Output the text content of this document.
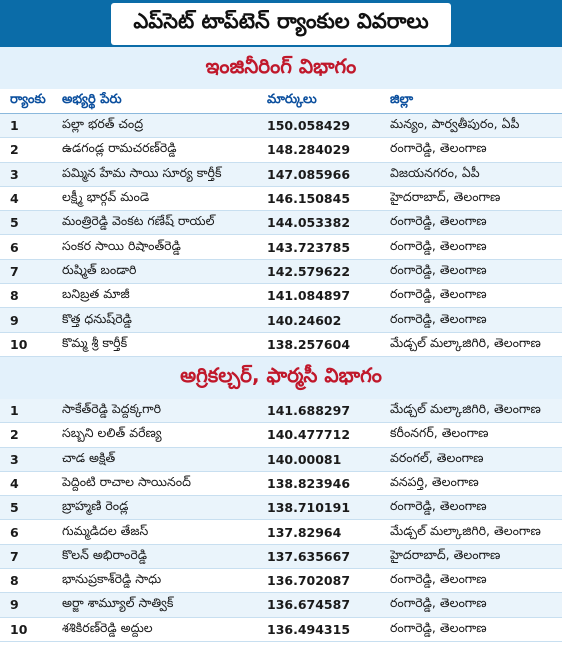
ఎప్‌సెట్ టాప్‌టెన్ ర్యాంకుల వివరాలు
ఇంజినీరింగ్ విభాగం
ర్యాంకు	అభ్యర్థి పేరు	మార్కులు	జిల్లా
1	పల్లా భరత్ చంద్ర	150.058429	మన్యం, పార్వతీపురం, ఏపీ
2	ఉడగండ్ల రామచరణ్‌రెడ్డి	148.284029	రంగారెడ్డి, తెలంగాణ
3	పమ్మిన హేమ సాయి సూర్య కార్తీక్	147.085966	విజయనగరం, ఏపీ
4	లక్ష్మీ భార్గవ్ మండె	146.150845	హైదరాబాద్, తెలంగాణ
5	మంత్రిరెడ్డి వెంకట గణేష్ రాయల్	144.053382	రంగారెడ్డి, తెలంగాణ
6	సంకర సాయి రిషాంత్‌రెడ్డి	143.723785	రంగారెడ్డి, తెలంగాణ
7	రుష్మిత్ బండారి	142.579622	రంగారెడ్డి, తెలంగాణ
8	బనిబ్రత మాజీ	141.084897	రంగారెడ్డి, తెలంగాణ
9	కొత్త ధనుష్‌రెడ్డి	140.24602	రంగారెడ్డి, తెలంగాణ
10	కొమ్మ శ్రీ కార్తీక్	138.257604	మేడ్చల్ మల్కాజిగిరి, తెలంగాణ
అగ్రికల్చర్, ఫార్మసీ విభాగం
1	సాకేత్‌రెడ్డి పెద్దక్కగారి	141.688297	మేడ్చల్ మల్కాజిగిరి, తెలంగాణ
2	సబ్బని లలిత్ వరేణ్య	140.477712	కరీంనగర్, తెలంగాణ
3	చాడ అక్షిత్	140.00081	వరంగల్, తెలంగాణ
4	పెద్దింటి రాచాల సాయినంద్	138.823946	వనపర్తి, తెలంగాణ
5	బ్రాహ్మణి రెండ్ల	138.710191	రంగారెడ్డి, తెలంగాణ
6	గుమ్మడిదల తేజస్	137.82964	మేడ్చల్ మల్కాజిగిరి, తెలంగాణ
7	కొలన్ అభిరాంరెడ్డి	137.635667	హైదరాబాద్, తెలంగాణ
8	భానుప్రకాశ్‌రెడ్డి సాధు	136.702087	రంగారెడ్డి, తెలంగాణ
9	అర్జా శామ్యూల్ సాత్విక్	136.674587	రంగారెడ్డి, తెలంగాణ
10	శశికిరణ్‌రెడ్డి అద్దుల	136.494315	రంగారెడ్డి, తెలంగాణ
